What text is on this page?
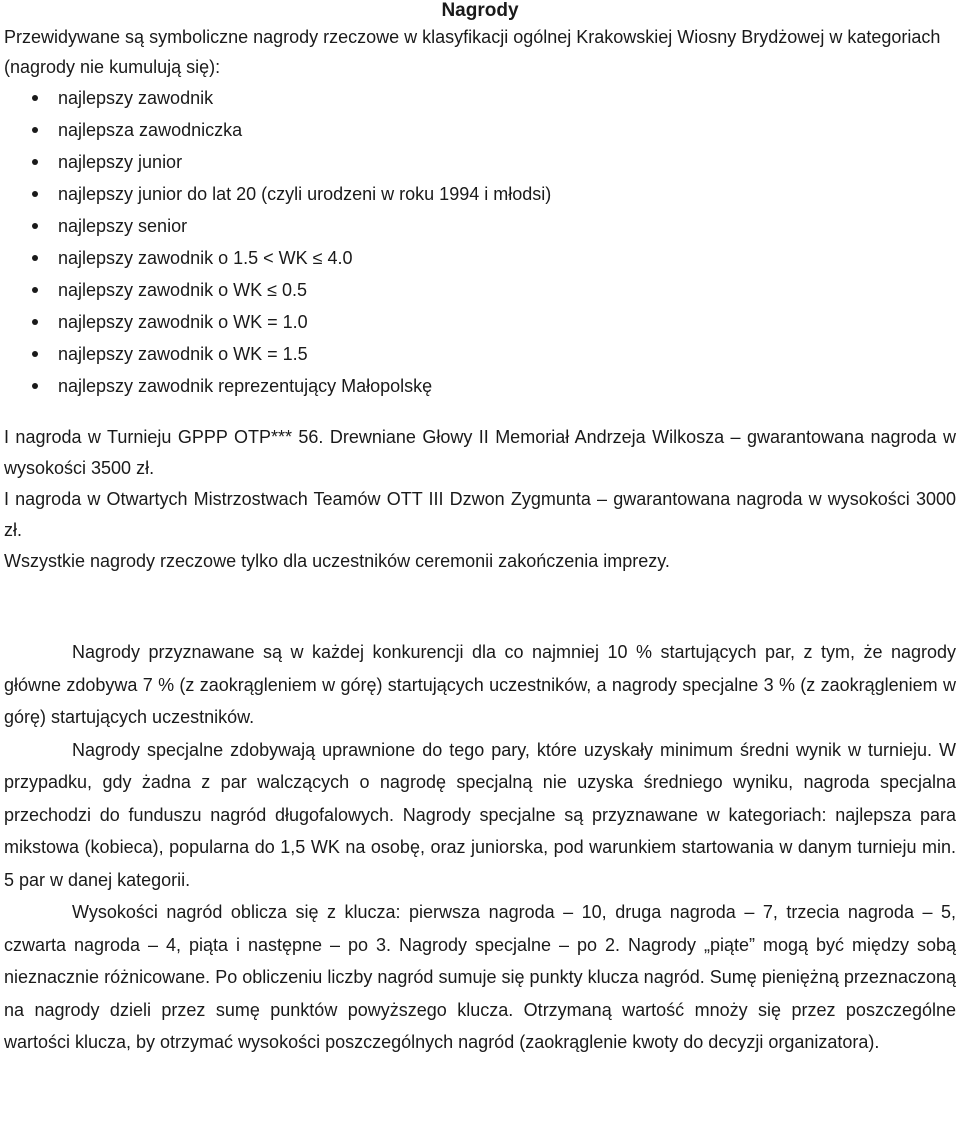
Nagrody

Przewidywane są symboliczne nagrody rzeczowe w klasyfikacji ogólnej Krakowskiej Wiosny Brydżowej w kategoriach (nagrody nie kumulują się):

najlepszy zawodnik
najlepsza zawodniczka
najlepszy junior
najlepszy junior do lat 20 (czyli urodzeni w roku 1994 i młodsi)
najlepszy senior
najlepszy zawodnik o 1.5 < WK ≤ 4.0
najlepszy zawodnik o WK ≤ 0.5
najlepszy zawodnik o WK = 1.0
najlepszy zawodnik o WK = 1.5
najlepszy zawodnik reprezentujący Małopolskę

I nagroda w Turnieju GPPP OTP*** 56. Drewniane Głowy II Memoriał Andrzeja Wilkosza – gwarantowana nagroda w wysokości 3500 zł.

I nagroda w Otwartych Mistrzostwach Teamów OTT III Dzwon Zygmunta – gwarantowana nagroda w wysokości 3000 zł.

Wszystkie nagrody rzeczowe tylko dla uczestników ceremonii zakończenia imprezy.

Nagrody przyznawane są w każdej konkurencji dla co najmniej 10 % startujących par, z tym, że nagrody główne zdobywa 7 % (z zaokrągleniem w górę) startujących uczestników, a nagrody specjalne 3 % (z zaokrągleniem w górę) startujących uczestników.

Nagrody specjalne zdobywają uprawnione do tego pary, które uzyskały minimum średni wynik w turnieju. W przypadku, gdy żadna z par walczących o nagrodę specjalną nie uzyska średniego wyniku, nagroda specjalna przechodzi do funduszu nagród długofalowych. Nagrody specjalne są przyznawane w kategoriach: najlepsza para mikstowa (kobieca), popularna do 1,5 WK na osobę, oraz juniorska, pod warunkiem startowania w danym turnieju min. 5 par w danej kategorii.

Wysokości nagród oblicza się z klucza: pierwsza nagroda – 10, druga nagroda – 7, trzecia nagroda – 5, czwarta nagroda – 4, piąta i następne – po 3. Nagrody specjalne – po 2. Nagrody „piąte” mogą być między sobą nieznacznie różnicowane. Po obliczeniu liczby nagród sumuje się punkty klucza nagród. Sumę pieniężną przeznaczoną na nagrody dzieli przez sumę punktów powyższego klucza. Otrzymaną wartość mnoży się przez poszczególne wartości klucza, by otrzymać wysokości poszczególnych nagród (zaokrąglenie kwoty do decyzji organizatora).
